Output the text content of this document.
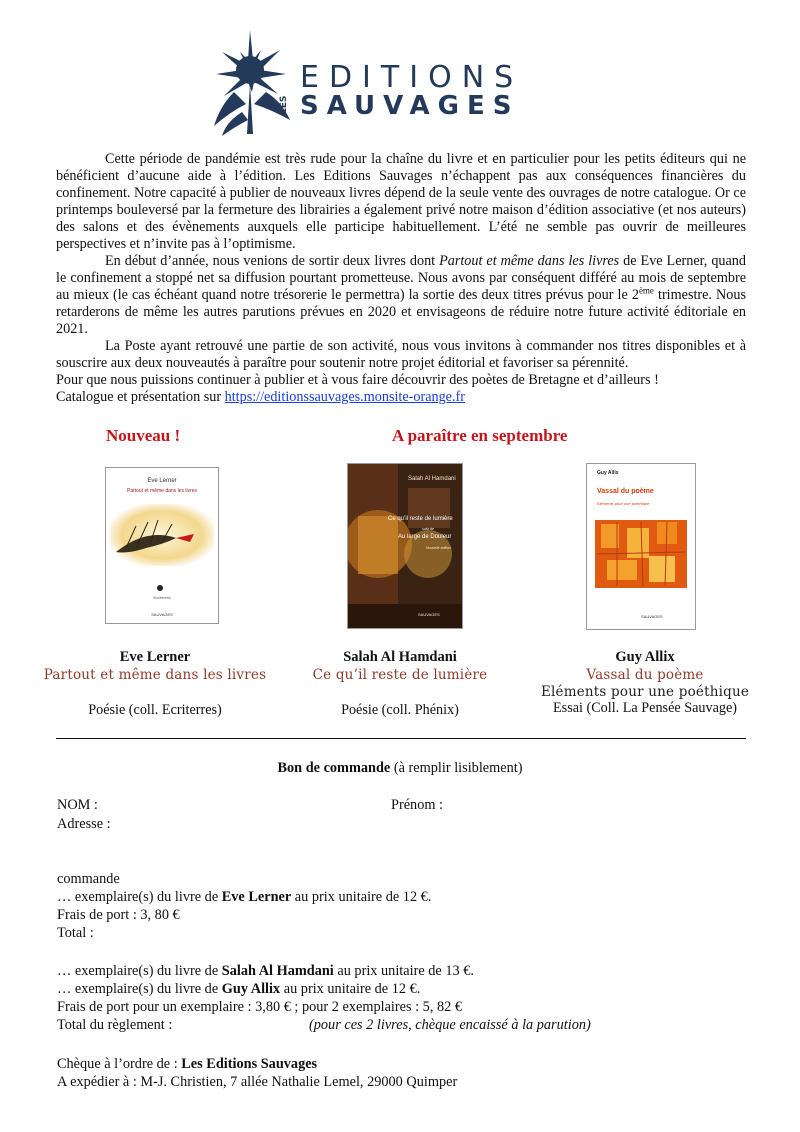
LES
EDITIONS
SAUVAGES

Cette période de pandémie est très rude pour la chaîne du livre et en particulier pour les petits éditeurs qui ne bénéficient d’aucune aide à l’édition. Les Editions Sauvages n’échappent pas aux conséquences financières du confinement. Notre capacité à publier de nouveaux livres dépend de la seule vente des ouvrages de notre catalogue. Or ce printemps bouleversé par la fermeture des librairies a également privé notre maison d’édition associative (et nos auteurs) des salons et des évènements auxquels elle participe habituellement. L’été ne semble pas ouvrir de meilleures perspectives et n’invite pas à l’optimisme.

En début d’année, nous venions de sortir deux livres dont Partout et même dans les livres de Eve Lerner, quand le confinement a stoppé net sa diffusion pourtant prometteuse. Nous avons par conséquent différé au mois de septembre au mieux (le cas échéant quand notre trésorerie le permettra) la sortie des deux titres prévus pour le 2ème trimestre. Nous retarderons de même les autres parutions prévues en 2020 et envisageons de réduire notre future activité éditoriale en 2021.

La Poste ayant retrouvé une partie de son activité, nous vous invitons à commander nos titres disponibles et à souscrire aux deux nouveautés à paraître pour soutenir notre projet éditorial et favoriser sa pérennité.

Pour que nous puissions continuer à publier et à vous faire découvrir des poètes de Bretagne et d’ailleurs !

Catalogue et présentation sur https://editionssauvages.monsite-orange.fr

Nouveau !	A paraître en septembre
Eve Lerner
Partout et même dans les livres
Ecriterres
SAUVAGES
Salah Al Hamdani
Ce qu’il reste de lumière
suivi de
Au large de Douleur
Nouvelle édition
SAUVAGES
Guy Allix
Vassal du poème
Eléments pour une poéthique
SAUVAGES
Eve Lerner
Partout et même dans les livres
Poésie (coll. Ecriterres)
Salah Al Hamdani
Ce qu’il reste de lumière
Poésie (coll. Phénix)
Guy Allix
Vassal du poème
Eléments pour une poéthique
Essai (Coll. La Pensée Sauvage)
Bon de commande (à remplir lisiblement)
NOM :	Prénom :
Adresse :

commande

… exemplaire(s) du livre de Eve Lerner au prix unitaire de 12 €.

Frais de port : 3, 80 €

Total :

… exemplaire(s) du livre de Salah Al Hamdani au prix unitaire de 13 €.

… exemplaire(s) du livre de Guy Allix au prix unitaire de 12 €.

Frais de port pour un exemplaire : 3,80 € ; pour 2 exemplaires : 5, 82 €

Total du règlement :	(pour ces 2 livres, chèque encaissé à la parution)

Chèque à l’ordre de : Les Editions Sauvages

A expédier à : M-J. Christien, 7 allée Nathalie Lemel, 29000 Quimper
